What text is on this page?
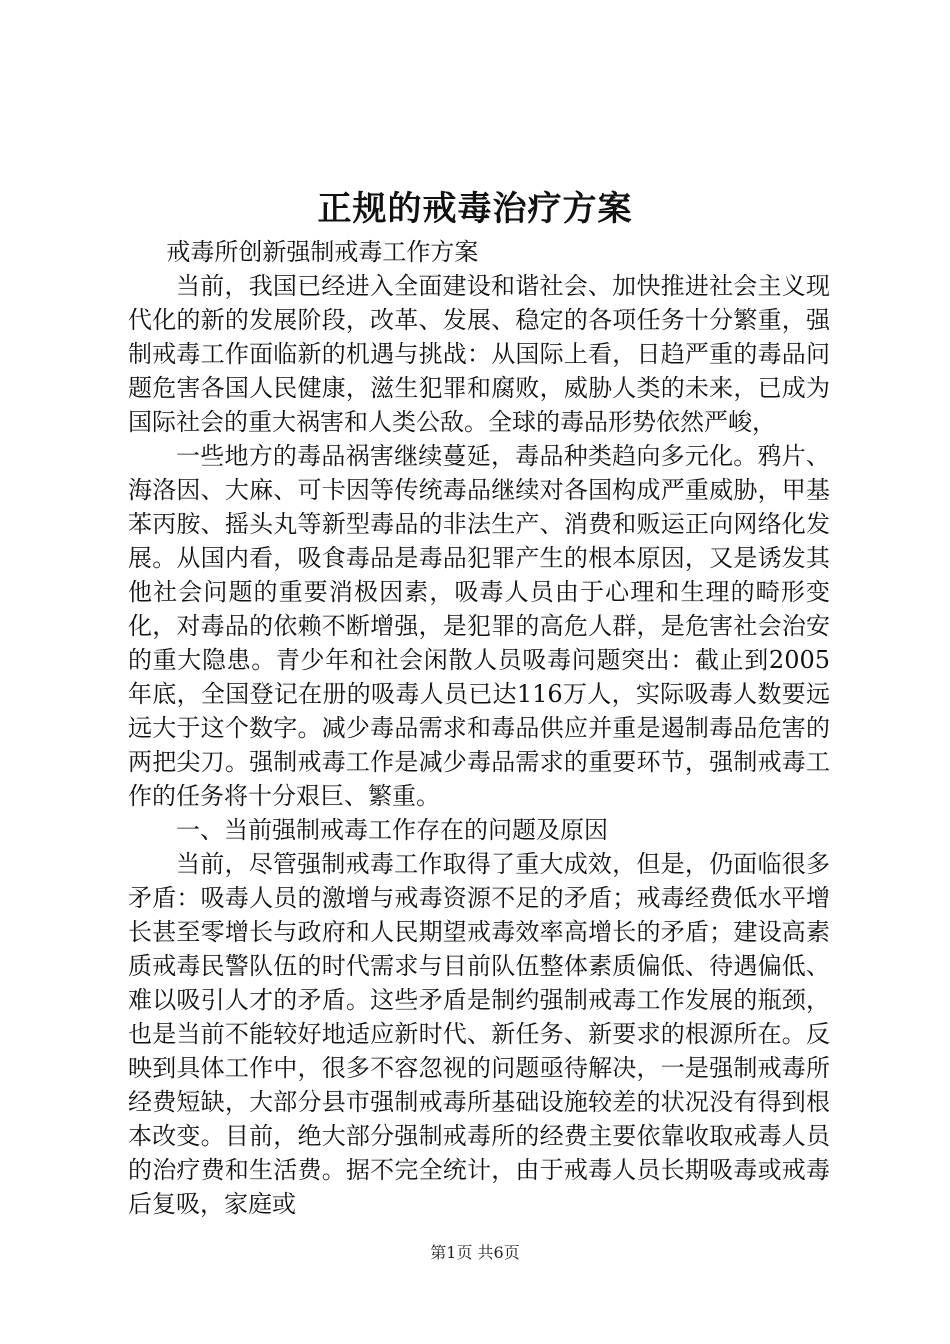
正规的戒毒治疗方案

戒毒所创新强制戒毒工作方案

当前，我国已经进入全面建设和谐社会、加快推进社会主义现代化的新的发展阶段，改革、发展、稳定的各项任务十分繁重，强制戒毒工作面临新的机遇与挑战：从国际上看，日趋严重的毒品问题危害各国人民健康，滋生犯罪和腐败，威胁人类的未来，已成为国际社会的重大祸害和人类公敌。全球的毒品形势依然严峻，

一些地方的毒品祸害继续蔓延，毒品种类趋向多元化。鸦片、海洛因、大麻、可卡因等传统毒品继续对各国构成严重威胁，甲基苯丙胺、摇头丸等新型毒品的非法生产、消费和贩运正向网络化发展。从国内看，吸食毒品是毒品犯罪产生的根本原因，又是诱发其他社会问题的重要消极因素，吸毒人员由于心理和生理的畸形变化，对毒品的依赖不断增强，是犯罪的高危人群，是危害社会治安的重大隐患。青少年和社会闲散人员吸毒问题突出：截止到2005年底，全国登记在册的吸毒人员已达116万人，实际吸毒人数要远远大于这个数字。减少毒品需求和毒品供应并重是遏制毒品危害的两把尖刀。强制戒毒工作是减少毒品需求的重要环节，强制戒毒工作的任务将十分艰巨、繁重。

一、当前强制戒毒工作存在的问题及原因

当前，尽管强制戒毒工作取得了重大成效，但是，仍面临很多矛盾：吸毒人员的激增与戒毒资源不足的矛盾；戒毒经费低水平增长甚至零增长与政府和人民期望戒毒效率高增长的矛盾；建设高素质戒毒民警队伍的时代需求与目前队伍整体素质偏低、待遇偏低、难以吸引人才的矛盾。这些矛盾是制约强制戒毒工作发展的瓶颈，也是当前不能较好地适应新时代、新任务、新要求的根源所在。反映到具体工作中，很多不容忽视的问题亟待解决，一是强制戒毒所经费短缺，大部分县市强制戒毒所基础设施较差的状况没有得到根本改变。目前，绝大部分强制戒毒所的经费主要依靠收取戒毒人员的治疗费和生活费。据不完全统计，由于戒毒人员长期吸毒或戒毒后复吸，家庭或

第1页 共6页
